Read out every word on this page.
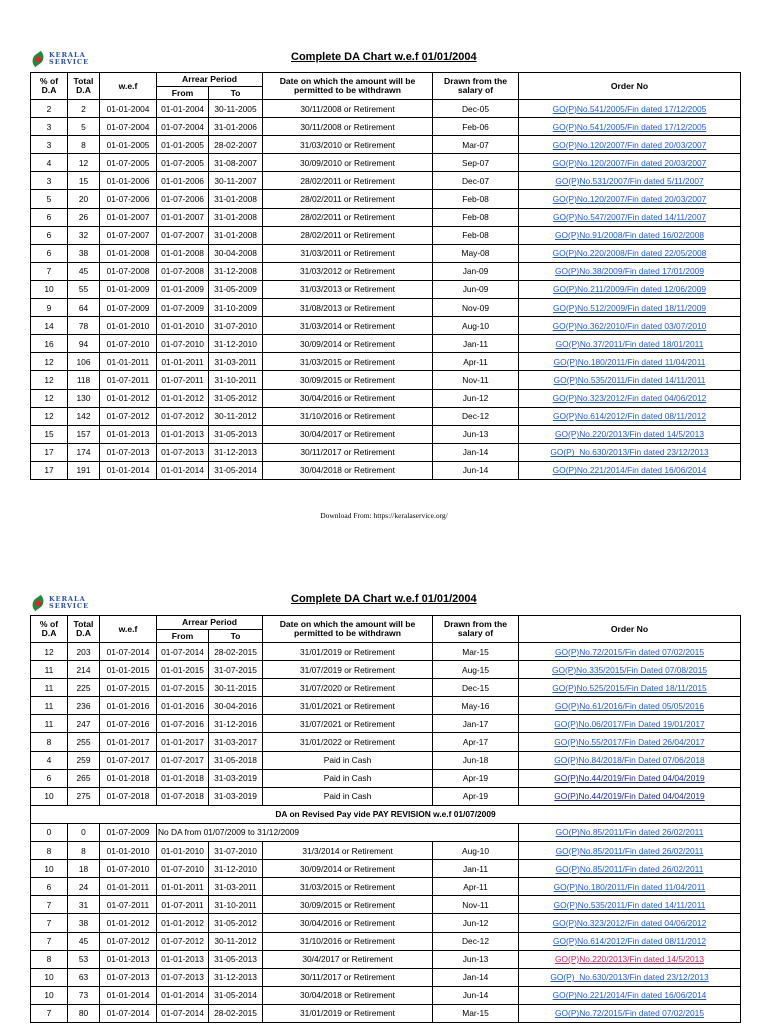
KERALA
SERVICE	Complete DA Chart w.e.f 01/01/2004
% of D.A	Total D.A	w.e.f	Arrear Period		Date on which the amount will be permitted to be withdrawn	Drawn from the salary of	Order No
			From	To			
2	2	01-01-2004	01-01-2004	30-11-2005	30/11/2008 or Retirement	Dec-05	GO(P)No.541/2005/Fin dated 17/12/2005
3	5	01-07-2004	01-07-2004	31-01-2006	30/11/2008 or Retirement	Feb-06	GO(P)No.541/2005/Fin dated 17/12/2005
3	8	01-01-2005	01-01-2005	28-02-2007	31/03/2010 or Retirement	Mar-07	GO(P)No.120/2007/Fin dated 20/03/2007
4	12	01-07-2005	01-07-2005	31-08-2007	30/09/2010 or Retirement	Sep-07	GO(P)No.120/2007/Fin dated 20/03/2007
3	15	01-01-2006	01-01-2006	30-11-2007	28/02/2011 or Retirement	Dec-07	GO(P)No.531/2007/Fin dated 5/11/2007
5	20	01-07-2006	01-07-2006	31-01-2008	28/02/2011 or Retirement	Feb-08	GO(P)No.120/2007/Fin dated 20/03/2007
6	26	01-01-2007	01-01-2007	31-01-2008	28/02/2011 or Retirement	Feb-08	GO(P)No.547/2007/Fin dated 14/11/2007
6	32	01-07-2007	01-07-2007	31-01-2008	28/02/2011 or Retirement	Feb-08	GO(P)No.91/2008/Fin dated 16/02/2008
6	38	01-01-2008	01-01-2008	30-04-2008	31/03/2011 or Retirement	May-08	GO(P)No.220/2008/Fin dated 22/05/2008
7	45	01-07-2008	01-07-2008	31-12-2008	31/03/2012 or Retirement	Jan-09	GO(P)No.38/2009/Fin dated 17/01/2009
10	55	01-01-2009	01-01-2009	31-05-2009	31/03/2013 or Retirement	Jun-09	GO(P)No.211/2009/Fin dated 12/06/2009
9	64	01-07-2009	01-07-2009	31-10-2009	31/08/2013 or Retirement	Nov-09	GO(P)No.512/2009/Fin dated 18/11/2009
14	78	01-01-2010	01-01-2010	31-07-2010	31/03/2014 or Retirement	Aug-10	GO(P)No.362/2010/Fin dated 03/07/2010
16	94	01-07-2010	01-07-2010	31-12-2010	30/09/2014 or Retirement	Jan-11	GO(P)No.37/2011/Fin dated 18/01/2011
12	106	01-01-2011	01-01-2011	31-03-2011	31/03/2015 or Retirement	Apr-11	GO(P)No.180/2011/Fin dated 11/04/2011
12	118	01-07-2011	01-07-2011	31-10-2011	30/09/2015 or Retirement	Nov-11	GO(P)No.535/2011/Fin dated 14/11/2011
12	130	01-01-2012	01-01-2012	31-05-2012	30/04/2016 or Retirement	Jun-12	GO(P)No.323/2012/Fin dated 04/06/2012
12	142	01-07-2012	01-07-2012	30-11-2012	31/10/2016 or Retirement	Dec-12	GO(P)No.614/2012/Fin dated 08/11/2012
15	157	01-01-2013	01-01-2013	31-05-2013	30/04/2017 or Retirement	Jun-13	GO(P)No.220/2013/Fin dated 14/5/2013
17	174	01-07-2013	01-07-2013	31-12-2013	30/11/2017 or Retirement	Jan-14	GO(P)_No.630/2013/Fin dated 23/12/2013
17	191	01-01-2014	01-01-2014	31-05-2014	30/04/2018 or Retirement	Jun-14	GO(P)No.221/2014/Fin dated 16/06/2014
Download From: https://keralaservice.org/
KERALA
SERVICE
Complete DA Chart w.e.f 01/01/2004
% of D.A	Total D.A	w.e.f	Arrear Period		Date on which the amount will be permitted to be withdrawn	Drawn from the salary of	Order No
			From	To			
12	203	01-07-2014	01-07-2014	28-02-2015	31/01/2019 or Retirement	Mar-15	GO(P)No.72/2015/Fin dated 07/02/2015
11	214	01-01-2015	01-01-2015	31-07-2015	31/07/2019 or Retirement	Aug-15	GO(P)No.335/2015/Fin Dated 07/08/2015
11	225	01-07-2015	01-07-2015	30-11-2015	31/07/2020 or Retirement	Dec-15	GO(P)No.525/2015/Fin Dated 18/11/2015
11	236	01-01-2016	01-01-2016	30-04-2016	31/01/2021 or Retirement	May-16	GO(P)No.61/2016/Fin dated 05/05/2016
11	247	01-07-2016	01-07-2016	31-12-2016	31/07/2021 or Retirement	Jan-17	GO(P)No.06/2017/Fin Dated 19/01/2017
8	255	01-01-2017	01-01-2017	31-03-2017	31/01/2022 or Retirement	Apr-17	GO(P)No.55/2017/Fin Dated 26/04/2017
4	259	01-07-2017	01-07-2017	31-05-2018	Paid in Cash	Jun-18	GO(P)No.84/2018/Fin Dated 07/06/2018
6	265	01-01-2018	01-01-2018	31-03-2019	Paid in Cash	Apr-19	GO(P)No.44/2019/Fin Dated 04/04/2019
10	275	01-07-2018	01-07-2018	31-03-2019	Paid in Cash	Apr-19	GO(P)No.44/2019/Fin Dated 04/04/2019
DA on Revised Pay vide PAY REVISION w.e.f 01/07/2009							
0	0	01-07-2009	No DA from 01/07/2009 to 31/12/2009				GO(P)No.85/2011/Fin dated 26/02/2011
8	8	01-01-2010	01-01-2010	31-07-2010	31/3/2014 or Retirement	Aug-10	GO(P)No.85/2011/Fin dated 26/02/2011
10	18	01-07-2010	01-07-2010	31-12-2010	30/09/2014 or Retirement	Jan-11	GO(P)No.85/2011/Fin dated 26/02/2011
6	24	01-01-2011	01-01-2011	31-03-2011	31/03/2015 or Retirement	Apr-11	GO(P)No.180/2011/Fin dated 11/04/2011
7	31	01-07-2011	01-07-2011	31-10-2011	30/09/2015 or Retirement	Nov-11	GO(P)No.535/2011/Fin dated 14/11/2011
7	38	01-01-2012	01-01-2012	31-05-2012	30/04/2016 or Retirement	Jun-12	GO(P)No.323/2012/Fin dated 04/06/2012
7	45	01-07-2012	01-07-2012	30-11-2012	31/10/2016 or Retirement	Dec-12	GO(P)No.614/2012/Fin dated 08/11/2012
8	53	01-01-2013	01-01-2013	31-05-2013	30/4/2017 or Retirement	Jun-13	GO(P)No.220/2013/Fin dated 14/5/2013
10	63	01-07-2013	01-07-2013	31-12-2013	30/11/2017 or Retirement	Jan-14	GO(P)_No.630/2013/Fin dated 23/12/2013
10	73	01-01-2014	01-01-2014	31-05-2014	30/04/2018 or Retirement	Jun-14	GO(P)No.221/2014/Fin dated 16/06/2014
7	80	01-07-2014	01-07-2014	28-02-2015	31/01/2019 or Retirement	Mar-15	GO(P)No.72/2015/Fin dated 07/02/2015
